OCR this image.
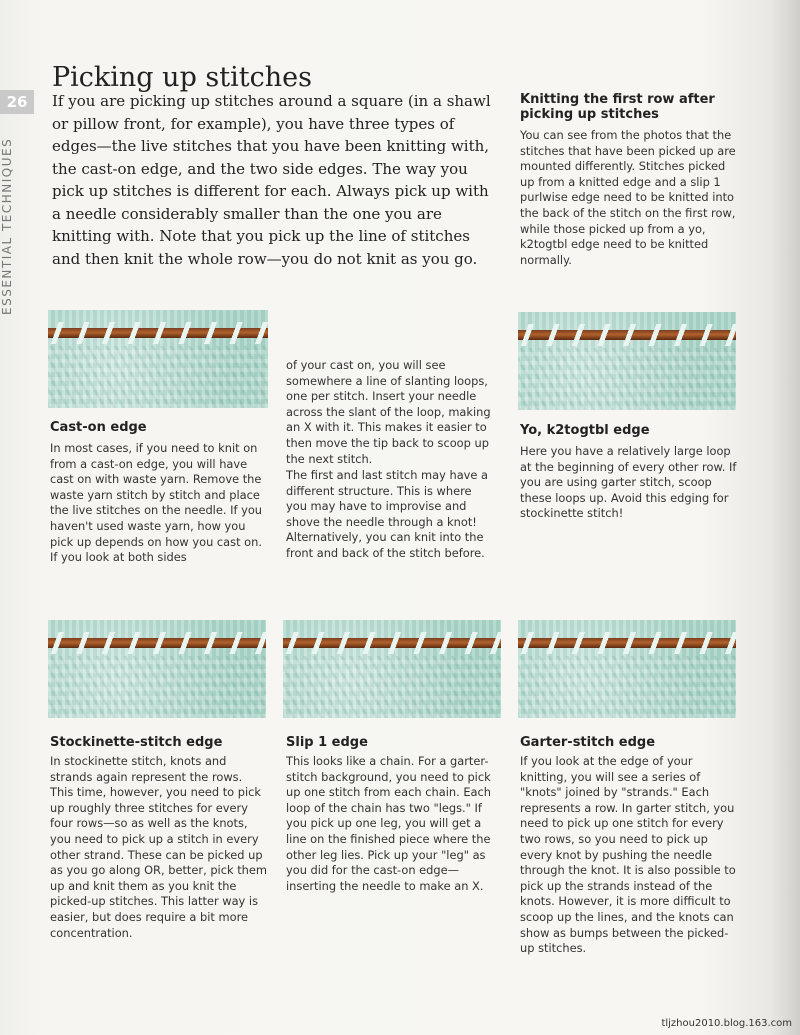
26
ESSENTIAL TECHNIQUES
Picking up stitches

If you are picking up stitches around a square (in a shawl or pillow front, for example), you have three types of edges—the live stitches that you have been knitting with, the cast-on edge, and the two side edges. The way you pick up stitches is different for each. Always pick up with a needle considerably smaller than the one you are knitting with. Note that you pick up the line of stitches and then knit the whole row—you do not knit as you go.

Knitting the first row after picking up stitches

You can see from the photos that the stitches that have been picked up are mounted differently. Stitches picked up from a knitted edge and a slip 1 purlwise edge need to be knitted into the back of the stitch on the first row, while those picked up from a yo, k2togtbl edge need to be knitted normally.

Cast-on edge

In most cases, if you need to knit on from a cast-on edge, you will have cast on with waste yarn. Remove the waste yarn stitch by stitch and place the live stitches on the needle. If you haven't used waste yarn, how you pick up depends on how you cast on. If you look at both sides

of your cast on, you will see somewhere a line of slanting loops, one per stitch. Insert your needle across the slant of the loop, making an X with it. This makes it easier to then move the tip back to scoop up the next stitch.

The first and last stitch may have a different structure. This is where you may have to improvise and shove the needle through a knot! Alternatively, you can knit into the front and back of the stitch before.

Yo, k2togtbl edge

Here you have a relatively large loop at the beginning of every other row. If you are using garter stitch, scoop these loops up. Avoid this edging for stockinette stitch!

Stockinette-stitch edge

In stockinette stitch, knots and strands again represent the rows. This time, however, you need to pick up roughly three stitches for every four rows—so as well as the knots, you need to pick up a stitch in every other strand. These can be picked up as you go along OR, better, pick them up and knit them as you knit the picked-up stitches. This latter way is easier, but does require a bit more concentration.

Slip 1 edge

This looks like a chain. For a garter-stitch background, you need to pick up one stitch from each chain. Each loop of the chain has two "legs." If you pick up one leg, you will get a line on the finished piece where the other leg lies. Pick up your "leg" as you did for the cast-on edge—inserting the needle to make an X.

Garter-stitch edge

If you look at the edge of your knitting, you will see a series of "knots" joined by "strands." Each represents a row. In garter stitch, you need to pick up one stitch for every two rows, so you need to pick up every knot by pushing the needle through the knot. It is also possible to pick up the strands instead of the knots. However, it is more difficult to scoop up the lines, and the knots can show as bumps between the picked-up stitches.

tljzhou2010.blog.163.com
